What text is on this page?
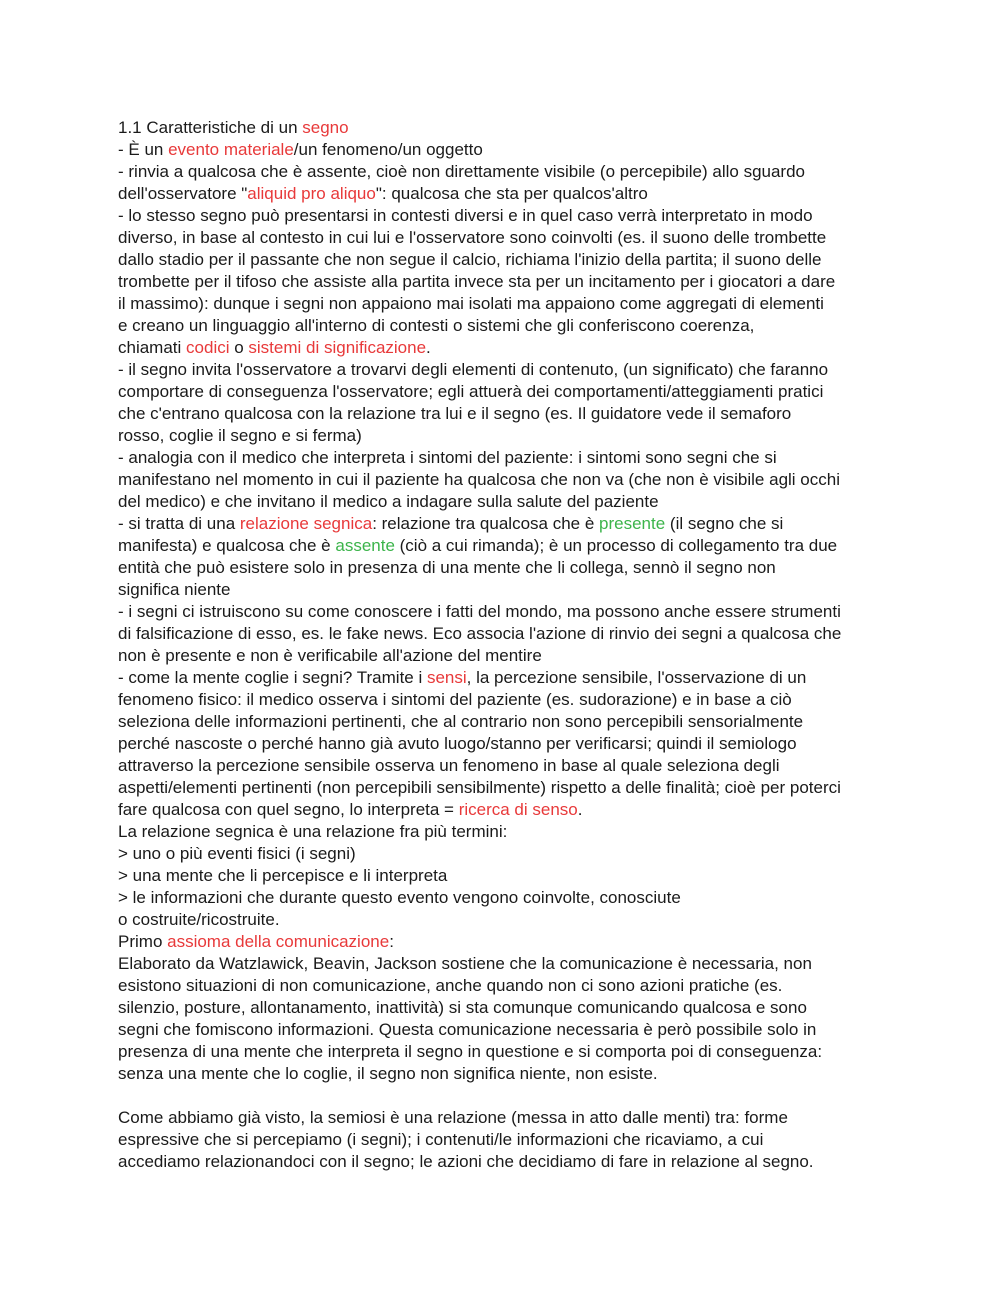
1.1 Caratteristiche di un segno
- È un evento materiale/un fenomeno/un oggetto
- rinvia a qualcosa che è assente, cioè non direttamente visibile (o percepibile) allo sguardo
dell'osservatore "aliquid pro aliquo": qualcosa che sta per qualcos'altro
- lo stesso segno può presentarsi in contesti diversi e in quel caso verrà interpretato in modo
diverso, in base al contesto in cui lui e l'osservatore sono coinvolti (es. il suono delle trombette
dallo stadio per il passante che non segue il calcio, richiama l'inizio della partita; il suono delle
trombette per il tifoso che assiste alla partita invece sta per un incitamento per i giocatori a dare
il massimo): dunque i segni non appaiono mai isolati ma appaiono come aggregati di elementi
e creano un linguaggio all'interno di contesti o sistemi che gli conferiscono coerenza,
chiamati codici o sistemi di significazione.
- il segno invita l'osservatore a trovarvi degli elementi di contenuto, (un significato) che faranno
comportare di conseguenza l'osservatore; egli attuerà dei comportamenti/atteggiamenti pratici
che c'entrano qualcosa con la relazione tra lui e il segno (es. Il guidatore vede il semaforo
rosso, coglie il segno e si ferma)
- analogia con il medico che interpreta i sintomi del paziente: i sintomi sono segni che si
manifestano nel momento in cui il paziente ha qualcosa che non va (che non è visibile agli occhi
del medico) e che invitano il medico a indagare sulla salute del paziente
- si tratta di una relazione segnica: relazione tra qualcosa che è presente (il segno che si
manifesta) e qualcosa che è assente (ciò a cui rimanda); è un processo di collegamento tra due
entità che può esistere solo in presenza di una mente che li collega, sennò il segno non
significa niente
- i segni ci istruiscono su come conoscere i fatti del mondo, ma possono anche essere strumenti
di falsificazione di esso, es. le fake news. Eco associa l'azione di rinvio dei segni a qualcosa che
non è presente e non è verificabile all'azione del mentire
- come la mente coglie i segni? Tramite i sensi, la percezione sensibile, l'osservazione di un
fenomeno fisico: il medico osserva i sintomi del paziente (es. sudorazione) e in base a ciò
seleziona delle informazioni pertinenti, che al contrario non sono percepibili sensorialmente
perché nascoste o perché hanno già avuto luogo/stanno per verificarsi; quindi il semiologo
attraverso la percezione sensibile osserva un fenomeno in base al quale seleziona degli
aspetti/elementi pertinenti (non percepibili sensibilmente) rispetto a delle finalità; cioè per poterci
fare qualcosa con quel segno, lo interpreta = ricerca di senso.
La relazione segnica è una relazione fra più termini:
> uno o più eventi fisici (i segni)
> una mente che li percepisce e li interpreta
> le informazioni che durante questo evento vengono coinvolte, conosciute
o costruite/ricostruite.
Primo assioma della comunicazione:
Elaborato da Watzlawick, Beavin, Jackson sostiene che la comunicazione è necessaria, non
esistono situazioni di non comunicazione, anche quando non ci sono azioni pratiche (es.
silenzio, posture, allontanamento, inattività) si sta comunque comunicando qualcosa e sono
segni che fomiscono informazioni. Questa comunicazione necessaria è però possibile solo in
presenza di una mente che interpreta il segno in questione e si comporta poi di conseguenza:
senza una mente che lo coglie, il segno non significa niente, non esiste.
Come abbiamo già visto, la semiosi è una relazione (messa in atto dalle menti) tra: forme
espressive che si percepiamo (i segni); i contenuti/le informazioni che ricaviamo, a cui
accediamo relazionandoci con il segno; le azioni che decidiamo di fare in relazione al segno.
